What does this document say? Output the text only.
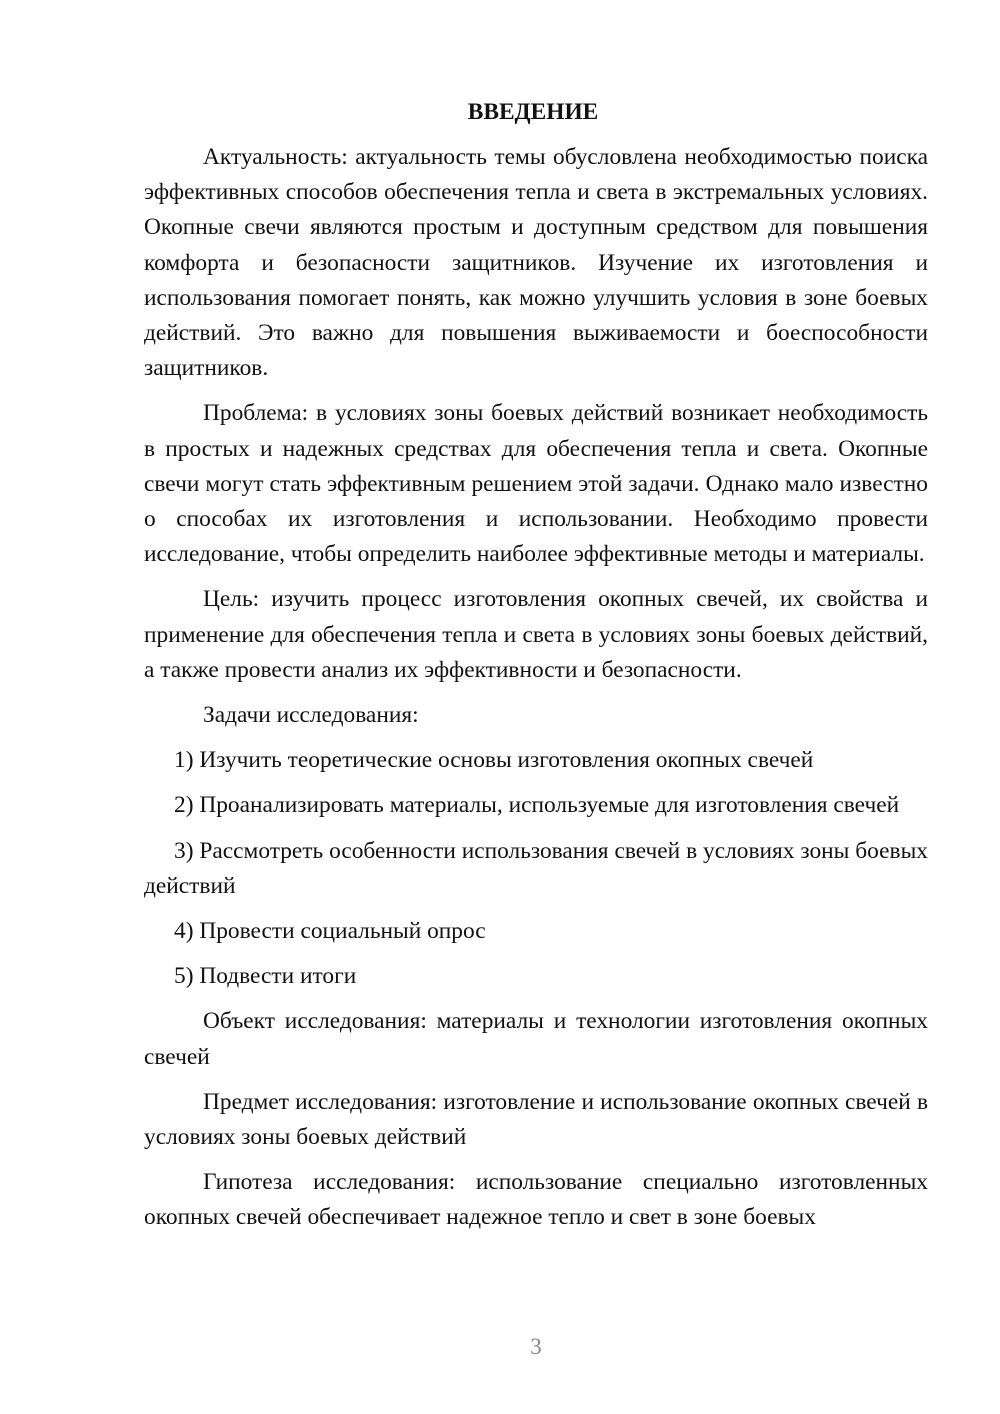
ВВЕДЕНИЕ

Актуальность: актуальность темы обусловлена необходимостью поиска эффективных способов обеспечения тепла и света в экстремальных условиях. Окопные свечи являются простым и доступным средством для повышения комфорта и безопасности защитников. Изучение их изготовления и использования помогает понять, как можно улучшить условия в зоне боевых действий. Это важно для повышения выживаемости и боеспособности защитников.

Проблема: в условиях зоны боевых действий возникает необходимость в простых и надежных средствах для обеспечения тепла и света. Окопные свечи могут стать эффективным решением этой задачи. Однако мало известно о способах их изготовления и использовании. Необходимо провести исследование, чтобы определить наиболее эффективные методы и материалы.

Цель: изучить процесс изготовления окопных свечей, их свойства и применение для обеспечения тепла и света в условиях зоны боевых действий, а также провести анализ их эффективности и безопасности.

Задачи исследования:

1) Изучить теоретические основы изготовления окопных свечей

2) Проанализировать материалы, используемые для изготовления свечей

3) Рассмотреть особенности использования свечей в условиях зоны боевых действий

4) Провести социальный опрос

5) Подвести итоги

Объект исследования: материалы и технологии изготовления окопных свечей

Предмет исследования: изготовление и использование окопных свечей в условиях зоны боевых действий

Гипотеза исследования: использование специально изготовленных окопных свечей обеспечивает надежное тепло и свет в зоне боевых

3
